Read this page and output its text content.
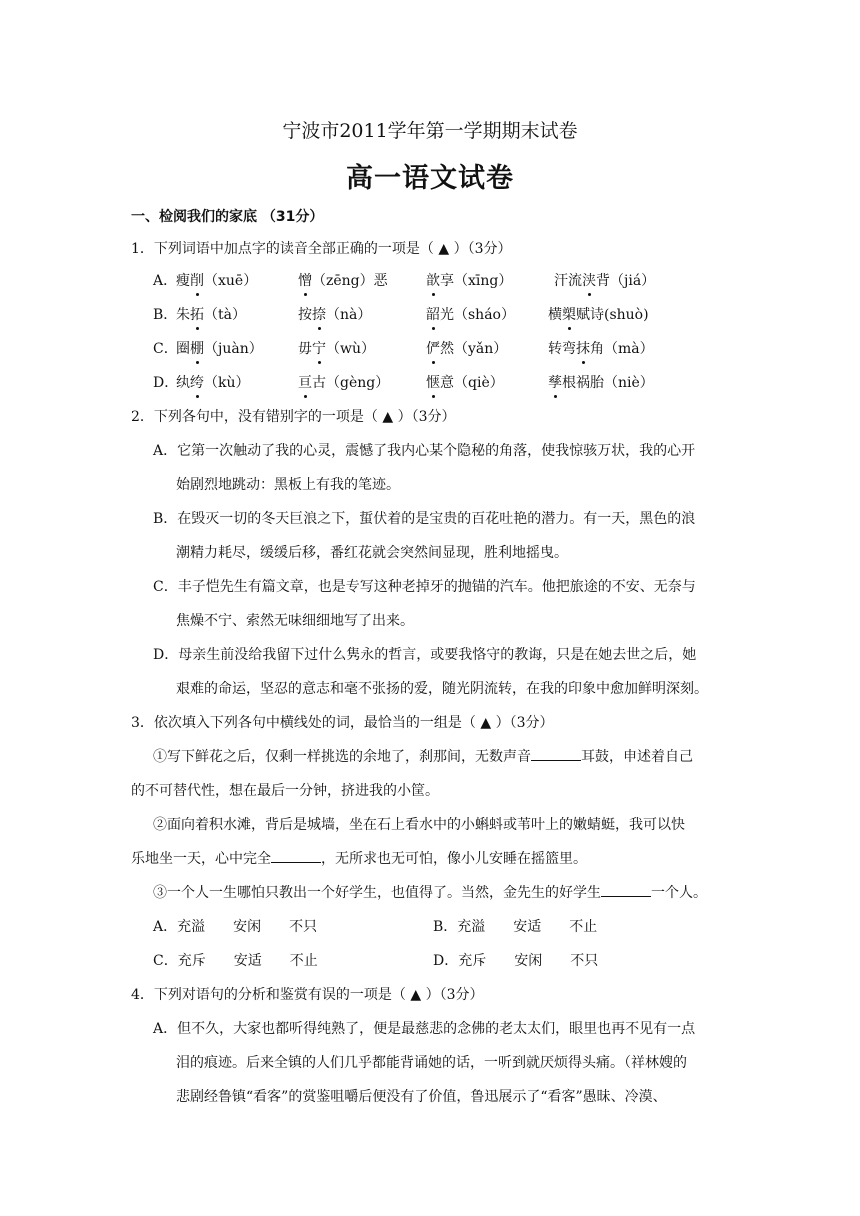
宁波市2011学年第一学期期末试卷
高一语文试卷
一、检阅我们的家底 （31分）
1．下列词语中加点字的读音全部正确的一项是（ ▲ ）（3分）
A．
瘦削（xuē）	憎（zēng）恶	歆享（xīng）	汗流浃背（jiá）
B．
朱拓（tà）	按捺（nà）	韶光（sháo） 横槊赋诗(shuò)
C．
圈棚（juàn）	毋宁（wù）	俨然（yǎn）	转弯抹角（mà）
D．
纨绔（kù）	亘古（gèng）	惬意（qiè）	孳根祸胎（niè）
2．下列各句中，没有错别字的一项是（ ▲ ）（3分）
A．它第一次触动了我的心灵，震憾了我内心某个隐秘的角落，使我惊骇万状，我的心开
始剧烈地跳动：黑板上有我的笔迹。
B．在毁灭一切的冬天巨浪之下，蜇伏着的是宝贵的百花吐艳的潜力。有一天，黑色的浪
潮精力耗尽，缓缓后移，番红花就会突然间显现，胜利地摇曳。
C．丰子恺先生有篇文章，也是专写这种老掉牙的抛锚的汽车。他把旅途的不安、无奈与
焦燥不宁、索然无味细细地写了出来。
D．母亲生前没给我留下过什么隽永的哲言，或要我恪守的教诲，只是在她去世之后，她
艰难的命运，坚忍的意志和毫不张扬的爱，随光阴流转，在我的印象中愈加鲜明深刻。
3．依次填入下列各句中横线处的词，最恰当的一组是（ ▲ ）（3分）
①写下鲜花之后，仅剩一样挑选的余地了，刹那间，无数声音	耳鼓，申述着自己
的不可替代性，想在最后一分钟，挤进我的小筐。
②面向着积水滩，背后是城墙，坐在石上看水中的小蝌蚪或苇叶上的嫩蜻蜓，我可以快
乐地坐一天，心中完全	，无所求也无可怕，像小儿安睡在摇篮里。
③一个人一生哪怕只教出一个好学生，也值得了。当然，金先生的好学生	一个人。
A．充溢　　安闲　　不只	B．充溢　　安适　　不止
C．充斥　　安适　　不止	D．充斥　　安闲　　不只
4．下列对语句的分析和鉴赏有误的一项是（ ▲ ）（3分）
A．但不久，大家也都听得纯熟了，便是最慈悲的念佛的老太太们，眼里也再不见有一点
泪的痕迹。后来全镇的人们几乎都能背诵她的话，一听到就厌烦得头痛。（祥林嫂的
悲剧经鲁镇“看客”的赏鉴咀嚼后便没有了价值，鲁迅展示了“看客”愚昧、冷漠、
